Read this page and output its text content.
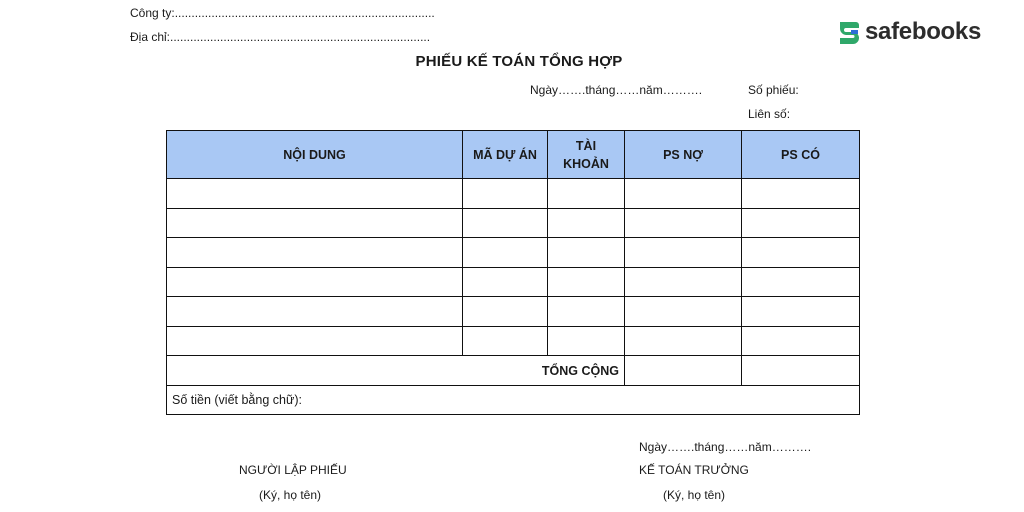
Công ty:..............................................................................
Địa chỉ:..............................................................................	safebooks
PHIẾU KẾ TOÁN TỔNG HỢP
Ngày…….tháng……năm……….	Số phiếu:
Liên số:
NỘI DUNG	MÃ DỰ ÁN	TÀI KHOẢN	PS NỢ	PS CÓ

TỔNG CỘNG				
Số tiền (viết bằng chữ):				
Ngày…….tháng……năm……….
NGƯỜI LẬP PHIẾU
(Ký, họ tên)
KẾ TOÁN TRƯỞNG
(Ký, họ tên)
